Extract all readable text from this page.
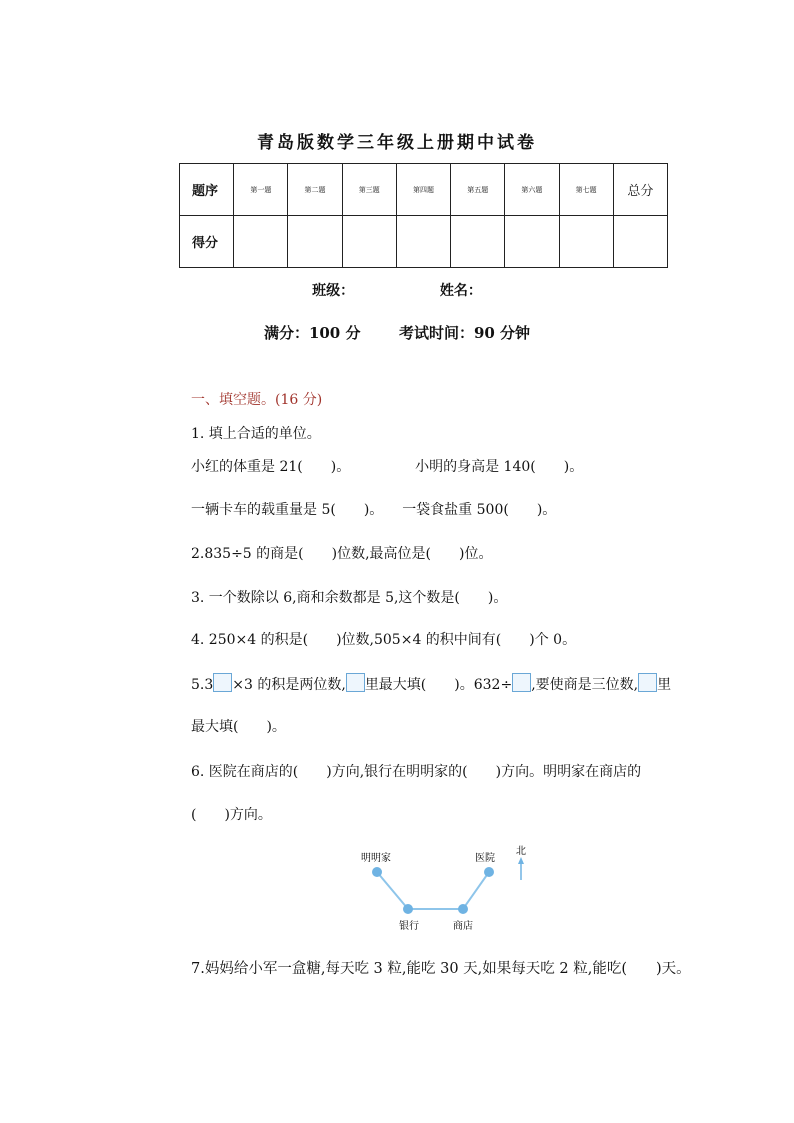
青岛版数学三年级上册期中试卷
题序	第一题	第二题	第三题	第四题	第五题	第六题	第七题	总分
得分								
班级：	姓名：
满分：100 分	考试时间：90 分钟
一、填空题。(16 分)
1. 填上合适的单位。
小红的体重是 21(　　)。	小明的身高是 140(　　)。
一辆卡车的载重量是 5(　　)。 一袋食盐重 500(　　)。
2.835÷5 的商是(　　)位数,最高位是(　　)位。
3. 一个数除以 6,商和余数都是 5,这个数是(　　)。
4. 250×4 的积是(　　)位数,505×4 的积中间有(　　)个 0。
5.3 ×3 的积是两位数, 里最大填(　　)。632÷ ,要使商是三位数, 里
最大填(　　)。
6. 医院在商店的(　　)方向,银行在明明家的(　　)方向。明明家在商店的
(　　)方向。
明明家	医院
银行	商店
北
7.妈妈给小军一盒糖,每天吃 3 粒,能吃 30 天,如果每天吃 2 粒,能吃(　　)天。
